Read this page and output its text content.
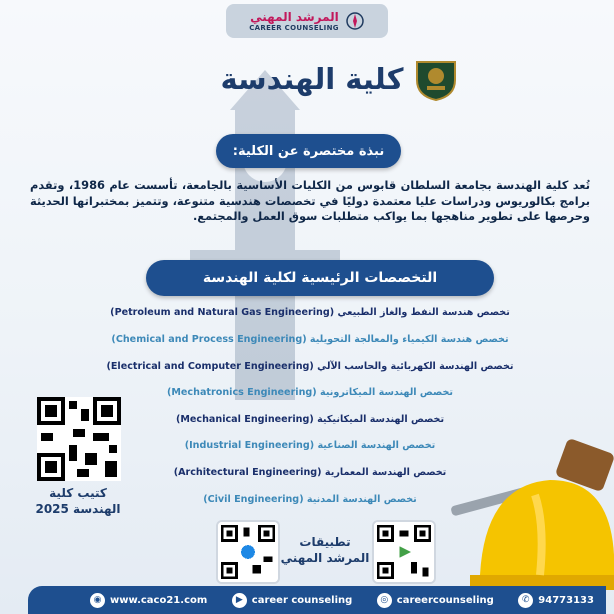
المرشد المهني
CAREER COUNSELING
كلية الهندسة
نبذة مختصرة عن الكلية:
تُعد كلية الهندسة بجامعة السلطان قابوس من الكليات الأساسية بالجامعة، تأسست عام 1986، وتقدم برامج بكالوريوس ودراسات عليا معتمدة دوليًا في تخصصات هندسية متنوعة، وتتميز بمختبراتها الحديثة وحرصها على تطوير مناهجها بما يواكب متطلبات سوق العمل والمجتمع.
التخصصات الرئيسية لكلية الهندسة
تخصص هندسة النفط والغاز الطبيعي (Petroleum and Natural Gas Engineering)
تخصص هندسة الكيمياء والمعالجة التحويلية (Chemical and Process Engineering)
تخصص الهندسة الكهربائية والحاسب الآلي (Electrical and Computer Engineering)
تخصص الهندسة الميكاترونية (Mechatronics Engineering)
تخصص الهندسة الميكانيكية (Mechanical Engineering)
تخصص الهندسة الصناعية (Industrial Engineering)
تخصص الهندسة المعمارية (Architectural Engineering)
تخصص الهندسة المدنية (Civil Engineering)
كتيب كلية
الهندسة 2025
تطبيقات
المرشد المهني
◉ www.caco21.com	▶ career counseling	◎ careercounseling	✆ 94773133
